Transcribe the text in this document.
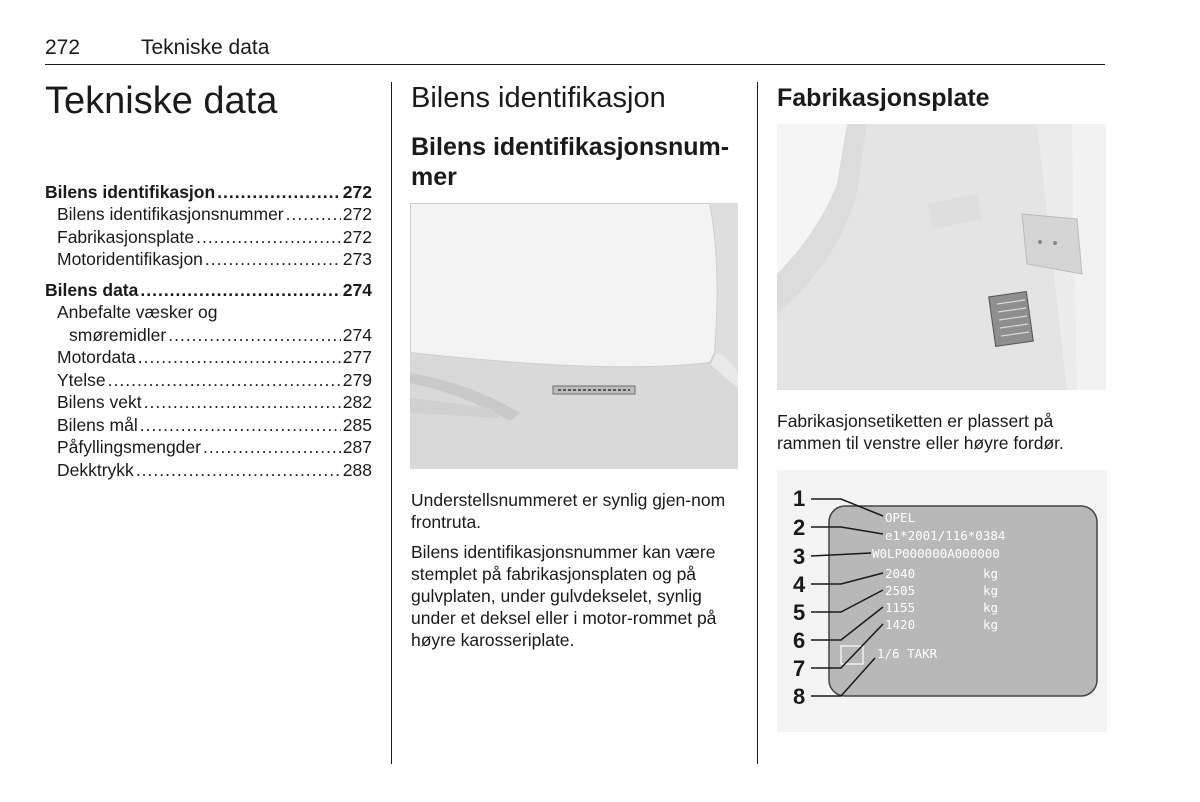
272	Tekniske data
Tekniske data
Bilens identifikasjon .....	272
Bilens identifikasjonsnummer .....	272
Fabrikasjonsplate .....	272
Motoridentifikasjon .....	273
Bilens data .....	274
Anbefalte væsker og
smøremidler .....	274
Motordata .....	277
Ytelse .....	279
Bilens vekt .....	282
Bilens mål .....	285
Påfyllingsmengder .....	287
Dekktrykk .....	288
Bilens identifikasjon
Bilens identifikasjonsnum-
mer

Understellsnummeret er synlig gjen-nom frontruta.

Bilens identifikasjonsnummer kan være stemplet på fabrikasjonsplaten og på gulvplaten, under gulvdekselet, synlig under et deksel eller i motor-rommet på høyre karosseriplate.

Fabrikasjonsplate

Fabrikasjonsetiketten er plassert på rammen til venstre eller høyre fordør.

OPEL
e1*2001/116*0384
W0LP000000A000000
2040
2505
1155
1420
1/6 TAKR
kg
kg
kg
kg
1
2
3
4
5
6
7
8
